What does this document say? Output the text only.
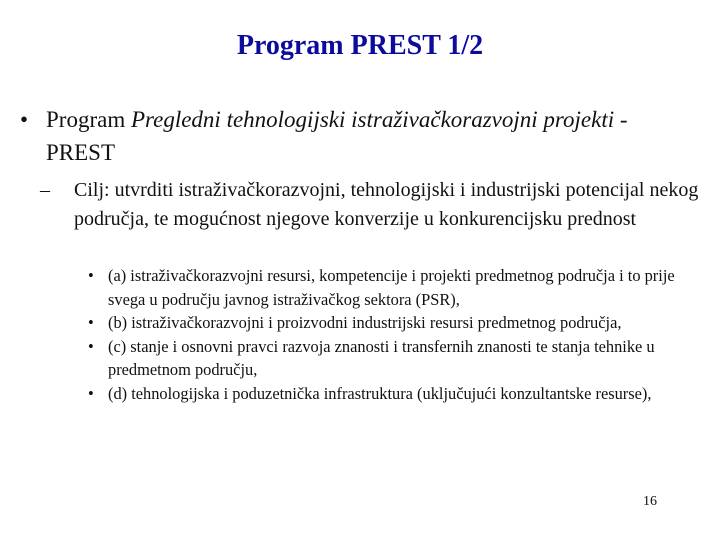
Program PREST 1/2
• Program Pregledni tehnologijski istraživačkorazvojni projekti - PREST
– Cilj: utvrditi istraživačkorazvojni, tehnologijski i industrijski potencijal nekog područja, te mogućnost njegove konverzije u konkurencijsku prednost
• (a) istraživačkorazvojni resursi, kompetencije i projekti predmetnog područja i to prije svega u području javnog istraživačkog sektora (PSR),
• (b) istraživačkorazvojni i proizvodni industrijski resursi predmetnog područja,
• (c) stanje i osnovni pravci razvoja znanosti i transfernih znanosti te stanja tehnike u predmetnom području,
• (d) tehnologijska i poduzetnička infrastruktura (uključujući konzultantske resurse),
16
